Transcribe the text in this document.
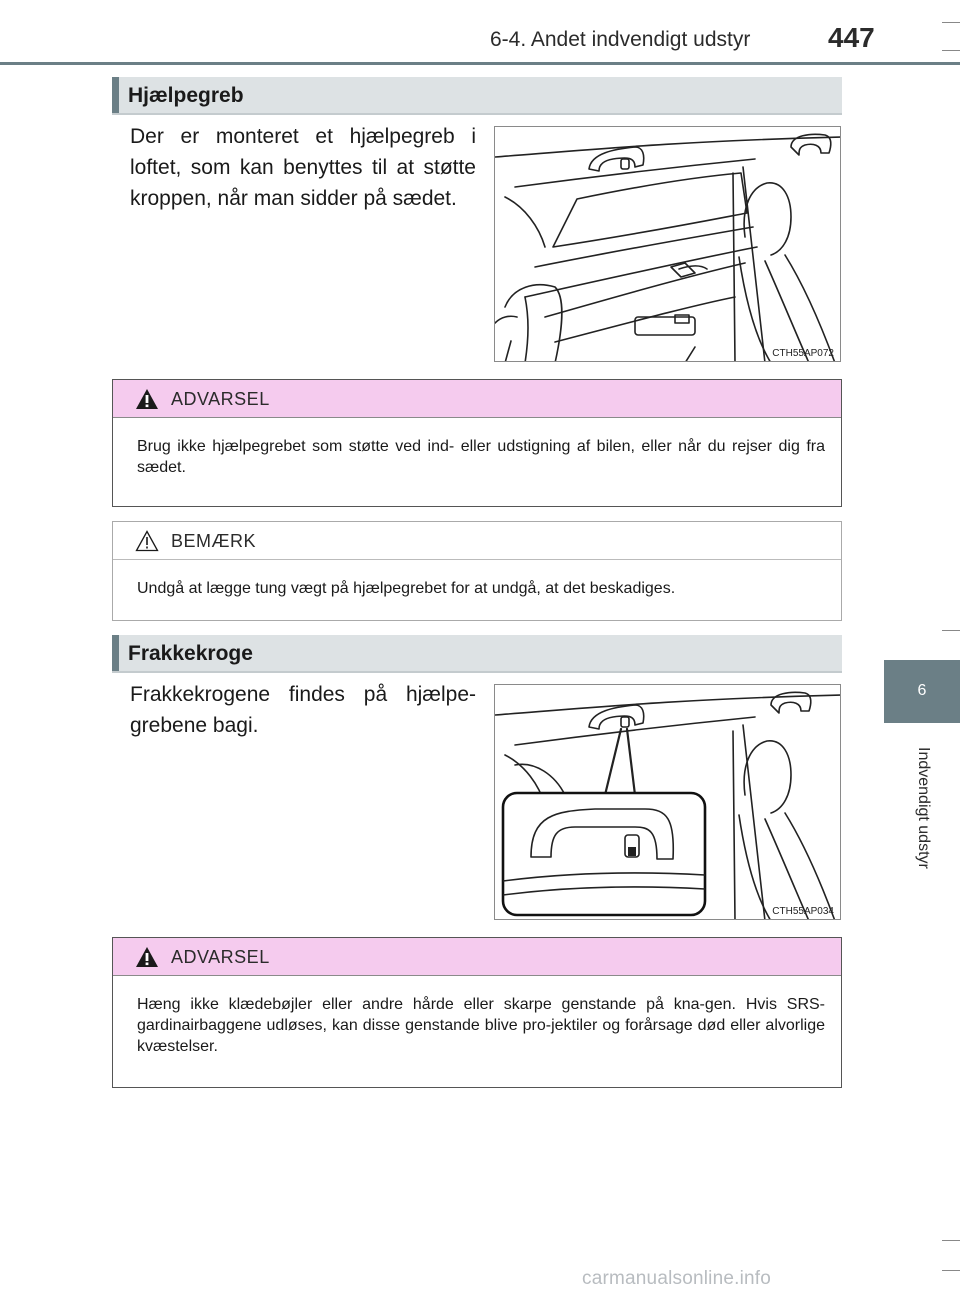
6-4. Andet indvendigt udstyr	447
6
Indvendigt udstyr
Hjælpegreb
Der er monteret et hjælpegreb i loftet, som kan benyttes til at støtte kroppen, når man sidder på sædet.
CTH55AP072
ADVARSEL
Brug ikke hjælpegrebet som støtte ved ind- eller udstigning af bilen, eller når du rejser dig fra sædet.
BEMÆRK
Undgå at lægge tung vægt på hjælpegrebet for at undgå, at det beskadiges.
Frakkekroge
Frakkekrogene findes på hjælpe-grebene bagi.
CTH55AP034
ADVARSEL
Hæng ikke klædebøjler eller andre hårde eller skarpe genstande på kna-gen. Hvis SRS-gardinairbaggene udløses, kan disse genstande blive pro-jektiler og forårsage død eller alvorlige kvæstelser.
carmanualsonline.info
